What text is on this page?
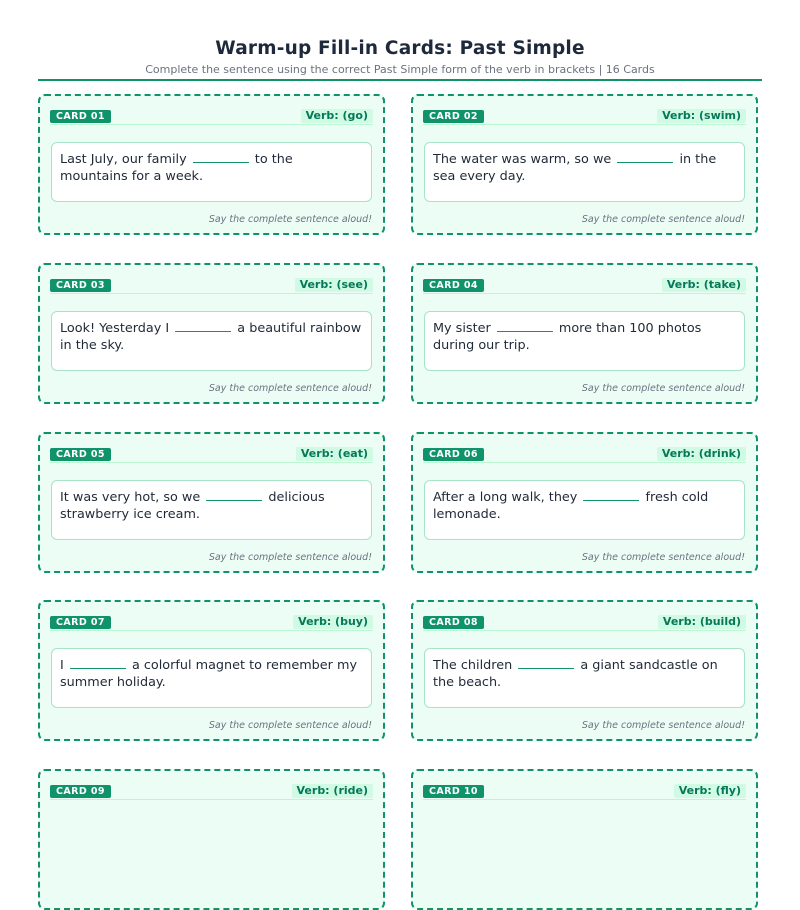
Warm-up Fill-in Cards: Past Simple
Complete the sentence using the correct Past Simple form of the verb in brackets | 16 Cards
CARD 01	Verb: (go)
Last July, our family	to the mountains for a week.
Say the complete sentence aloud!
CARD 02	Verb: (swim)
The water was warm, so we	in the sea every day.
Say the complete sentence aloud!
CARD 03	Verb: (see)
Look! Yesterday I	a beautiful rainbow in the sky.
Say the complete sentence aloud!
CARD 04	Verb: (take)
My sister	more than 100 photos during our trip.
Say the complete sentence aloud!
CARD 05	Verb: (eat)
It was very hot, so we	delicious strawberry ice cream.
Say the complete sentence aloud!
CARD 06	Verb: (drink)
After a long walk, they	fresh cold lemonade.
Say the complete sentence aloud!
CARD 07	Verb: (buy)
I	a colorful magnet to remember my summer holiday.
Say the complete sentence aloud!
CARD 08	Verb: (build)
The children	a giant sandcastle on the beach.
Say the complete sentence aloud!
CARD 09	Verb: (ride)	CARD 10	Verb: (fly)
